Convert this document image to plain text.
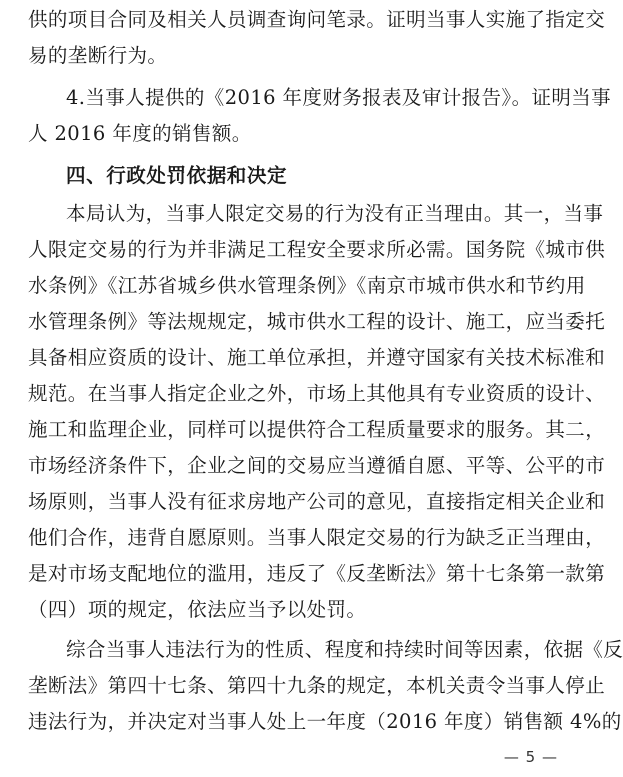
供的项目合同及相关人员调查询问笔录。证明当事人实施了指定交
易的垄断行为。
4.当事人提供的《2016 年度财务报表及审计报告》。证明当事
人 2016 年度的销售额。
四、行政处罚依据和决定
本局认为，当事人限定交易的行为没有正当理由。其一，当事
人限定交易的行为并非满足工程安全要求所必需。国务院《城市供
水条例》《江苏省城乡供水管理条例》《南京市城市供水和节约用
水管理条例》等法规规定，城市供水工程的设计、施工，应当委托
具备相应资质的设计、施工单位承担，并遵守国家有关技术标准和
规范。在当事人指定企业之外，市场上其他具有专业资质的设计、
施工和监理企业，同样可以提供符合工程质量要求的服务。其二，
市场经济条件下，企业之间的交易应当遵循自愿、平等、公平的市
场原则，当事人没有征求房地产公司的意见，直接指定相关企业和
他们合作，违背自愿原则。当事人限定交易的行为缺乏正当理由，
是对市场支配地位的滥用，违反了《反垄断法》第十七条第一款第
（四）项的规定，依法应当予以处罚。
综合当事人违法行为的性质、程度和持续时间等因素，依据《反
垄断法》第四十七条、第四十九条的规定，本机关责令当事人停止
违法行为，并决定对当事人处上一年度（2016 年度）销售额 4%的
— 5 —
